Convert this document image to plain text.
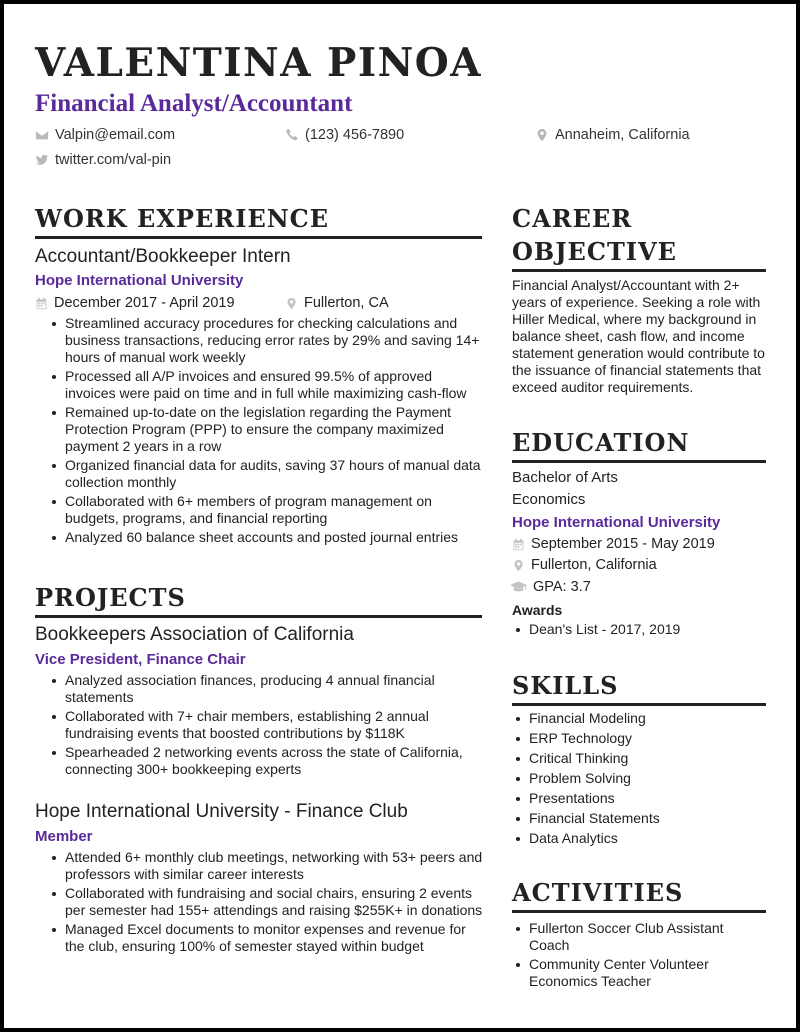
VALENTINA PINOA
Financial Analyst/Accountant
Valpin@email.com	(123) 456-7890	Annaheim, California
twitter.com/val-pin
WORK EXPERIENCE
Accountant/Bookkeeper Intern
Hope International University
December 2017 - April 2019	Fullerton, CA
Streamlined accuracy procedures for checking calculations and business transactions, reducing error rates by 29% and saving 14+ hours of manual work weekly
Processed all A/P invoices and ensured 99.5% of approved invoices were paid on time and in full while maximizing cash-flow
Remained up-to-date on the legislation regarding the Payment Protection Program (PPP) to ensure the company maximized payment 2 years in a row
Organized financial data for audits, saving 37 hours of manual data collection monthly
Collaborated with 6+ members of program management on budgets, programs, and financial reporting
Analyzed 60 balance sheet accounts and posted journal entries
PROJECTS
Bookkeepers Association of California
Vice President, Finance Chair
Analyzed association finances, producing 4 annual financial statements
Collaborated with 7+ chair members, establishing 2 annual fundraising events that boosted contributions by $118K
Spearheaded 2 networking events across the state of California, connecting 300+ bookkeeping experts
Hope International University - Finance Club
Member
Attended 6+ monthly club meetings, networking with 53+ peers and professors with similar career interests
Collaborated with fundraising and social chairs, ensuring 2 events per semester had 155+ attendings and raising $255K+ in donations
Managed Excel documents to monitor expenses and revenue for the club, ensuring 100% of semester stayed within budget
CAREER
OBJECTIVE
Financial Analyst/Accountant with 2+ years of experience. Seeking a role with Hiller Medical, where my background in balance sheet, cash flow, and income statement generation would contribute to the issuance of financial statements that exceed auditor requirements.
EDUCATION
Bachelor of Arts
Economics
Hope International University
September 2015 - May 2019
Fullerton, California
GPA: 3.7
Awards
Dean's List - 2017, 2019
SKILLS
Financial Modeling
ERP Technology
Critical Thinking
Problem Solving
Presentations
Financial Statements
Data Analytics
ACTIVITIES
Fullerton Soccer Club Assistant Coach
Community Center Volunteer Economics Teacher
